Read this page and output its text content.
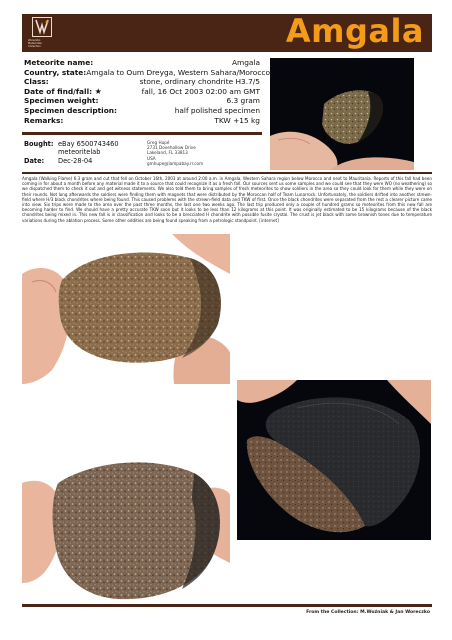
Woreczko
Meteorites
Collection	Amgala
Meteorite name:	Amgala
Country, state: Amgala to Oum Dreyga, Western Sahara/Morocco
Class:	stone, ordinary chondrite H3.7/5
Date of find/fall: ★	fall, 16 Oct 2003 02:00 am GMT
Specimen weight:	6.3 gram
Specimen description:	half polished specimen
Remarks:	TKW +15 kg
Bought: eBay 6500743460
meteoritelab
Date: Dec-28-04
Greg Hupé
2731 Dovehollow Drive
Lakeland, FL 33813
USA
gmhupe@lampabay.rr.com
Amgala (Walking Flame) 6.3 gram and cut that fell on October 16th, 2003 at around 2:00 a.m. in Amgala, Western Sahara region below Morocco and next to Mauritania. Reports of this fall had been coming in for about a month before any material made it to a source that could recognize it as a fresh fall. Our sources sent us some samples and we could see that they were WO (no weathering) so we dispatched them to check it out and get witness statements. We also told them to bring samples of fresh meteorites to show soldiers in the area so they could look for them while they were on their rounds. Not long afterwards the soldiers were finding them with magnets that were distributed by the Moroccan half of Team Lunarrock. Unfortunately, the soldiers drifted into another strewn-field where H/3 black chondrites where being found. This caused problems with the strewn-field data and TKW of first. Once the black chondrites were separated from the rest a clearer picture came into view. Six trips were made to the area over the past three months, the last one two weeks ago. The last trip produced only a couple of hundred grams so meteorites from this new fall are becoming harder to find. We should have a pretty accurate TKW soon but it looks to be less than 12 kilograms at this point. It was originally estimated to be 15 kilograms because of the black chondrites being mixed in. This new fall is in classification and looks to be a brecciated H chondrite with possible fusite crystal. The crust is jet black with some brownish tones due to temperature variations during the ablation process. Some other oddities are being found speaking from a petrologic standpoint. [internet]
From the Collection: M.Woźniak & Jan Woreczko
